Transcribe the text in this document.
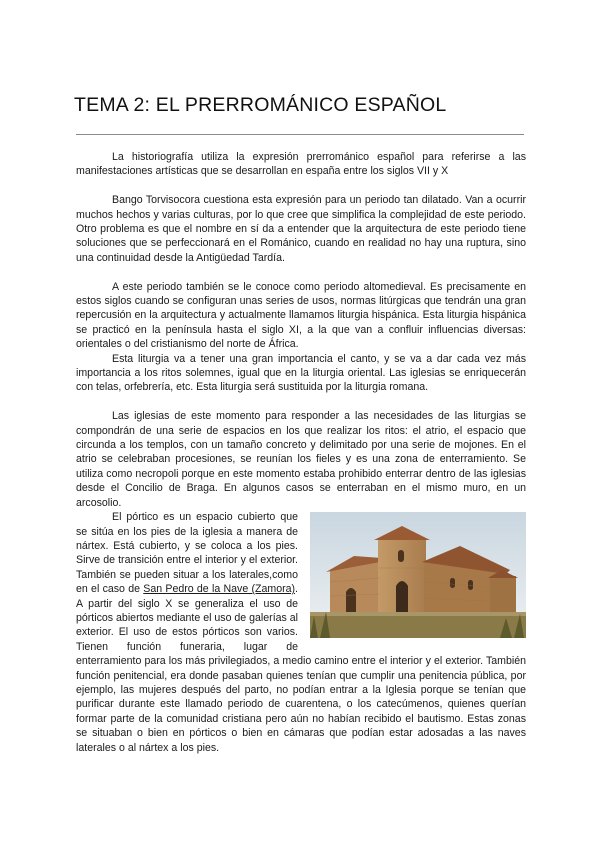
TEMA 2: EL PRERROMÁNICO ESPAÑOL

La historiografía utiliza la expresión prerrománico español para referirse a las manifestaciones artísticas que se desarrollan en españa entre los siglos VII y X

Bango Torvisocora cuestiona esta expresión para un periodo tan dilatado. Van a ocurrir muchos hechos y varias culturas, por lo que cree que simplifica la complejidad de este periodo. Otro problema es que el nombre en sí da a entender que la arquitectura de este periodo tiene soluciones que se perfeccionará en el Románico, cuando en realidad no hay una ruptura, sino una continuidad desde la Antigüedad Tardía.

A este periodo también se le conoce como periodo altomedieval. Es precisamente en estos siglos cuando se configuran unas series de usos, normas litúrgicas que tendrán una gran repercusión en la arquitectura y actualmente llamamos liturgia hispánica. Esta liturgia hispánica se practicó en la península hasta el siglo XI, a la que van a confluir influencias diversas: orientales o del cristianismo del norte de África.

Esta liturgia va a tener una gran importancia el canto, y se va a dar cada vez más importancia a los ritos solemnes, igual que en la liturgia oriental. Las iglesias se enriquecerán con telas, orfebrería, etc. Esta liturgia será sustituida por la liturgia romana.

Las iglesias de este momento para responder a las necesidades de las liturgias se compondrán de una serie de espacios en los que realizar los ritos: el atrio, el espacio que circunda a los templos, con un tamaño concreto y delimitado por una serie de mojones. En el atrio se celebraban procesiones, se reunían los fieles y es una zona de enterramiento. Se utiliza como necropoli porque en este momento estaba prohibido enterrar dentro de las iglesias desde el Concilio de Braga. En algunos casos se enterraban en el mismo muro, en un arcosolio.

El pórtico es un espacio cubierto que se sitúa en los pies de la iglesia a manera de nártex. Está cubierto, y se coloca a los pies. Sirve de transición entre el interior y el exterior. También se pueden situar a los laterales,como en el caso de San Pedro de la Nave (Zamora). A partir del siglo X se generaliza el uso de pórticos abiertos mediante el uso de galerías al exterior. El uso de estos pórticos son varios. Tienen función funeraria, lugar de enterramiento para los más privilegiados, a medio camino entre el interior y el exterior. También función penitencial, era donde pasaban quienes tenían que cumplir una penitencia pública, por ejemplo, las mujeres después del parto, no podían entrar a la Iglesia porque se tenían que purificar durante este llamado periodo de cuarentena, o los catecúmenos, quienes querían formar parte de la comunidad cristiana pero aún no habían recibido el bautismo. Estas zonas se situaban o bien en pórticos o bien en cámaras que podían estar adosadas a las naves laterales o al nártex a los pies.
